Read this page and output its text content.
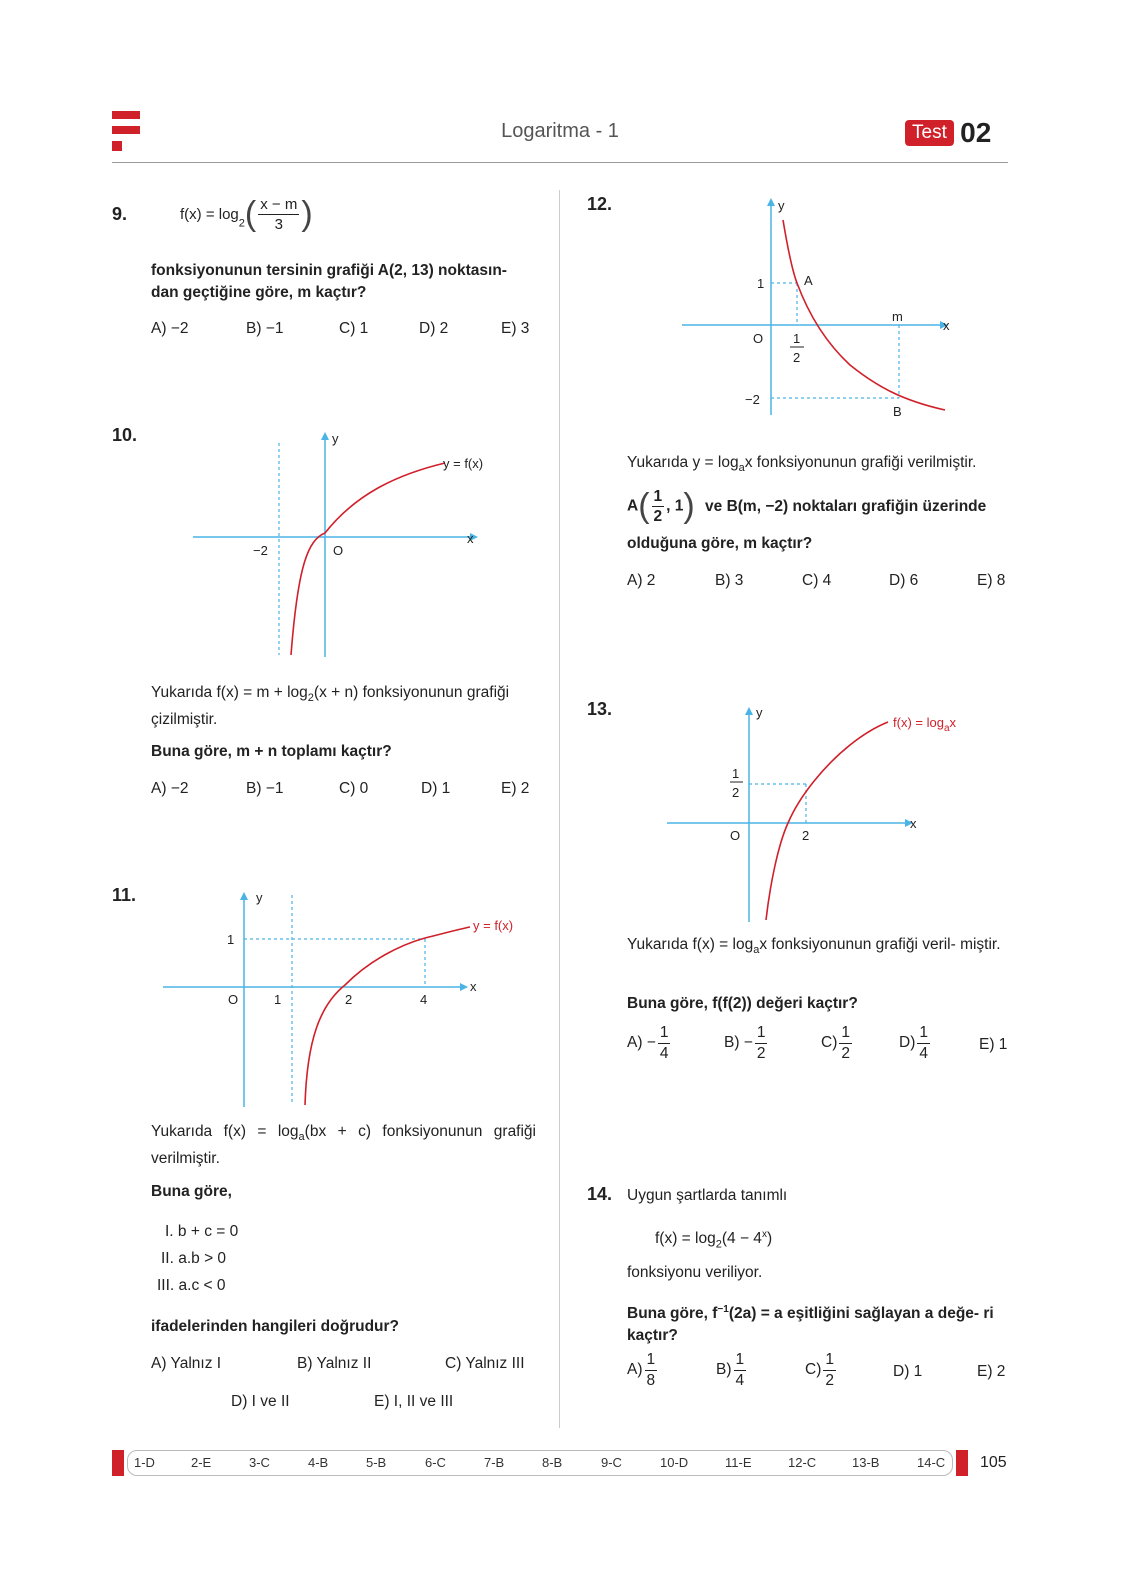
Logaritma - 1	Test 02
9.	$f(x) = \log_2( \frac{x - m}{3}$ )
fonksiyonunun tersinin grafiği A(2, 13) noktasın- dan geçtiğine göre, m kaçtır?
A) −2	B) −1	C) 1	D) 2	E) 3
10.	y
x
O
−2
y = f(x)
Yukarıda $f(x) = m + \log_2(x + n)$ fonksiyonunun grafiği çizilmiştir.
Buna göre, m + n toplamı kaçtır?
A) −2	B) −1	C) 0	D) 1	E) 2
11.	y
x
O
1
1	2	4
y = f(x)
Yukarıda $f(x) = \log_a(bx + c)$ fonksiyonunun grafiği verilmiştir.
Buna göre,
I. b + c = 0
II. a.b > 0
III. a.c < 0
ifadelerinden hangileri doğrudur?
A) Yalnız I	B) Yalnız II	C) Yalnız III
D) I ve II	E) I, II ve III
12.	y
x
O
1	A
m
1
2
−2
B
Yukarıda $y = \log_ax$ fonksiyonunun grafiği verilmiştir.
$A( \frac{1}{2}$ , 1) ve B(m, −2) noktaları grafiğin üzerinde
olduğuna göre, m kaçtır?
A) 2	B) 3	C) 4	D) 6	E) 8
13.	y
x
O
1
2
2
$f(x) = \log_ax$
Yukarıda $f(x) = \log_ax$ fonksiyonunun grafiği veril- miştir.
Buna göre, f(f(2)) değeri kaçtır?
$A) - \frac{1}{4}$	$B) - \frac{1}{2}$	$C) \frac{1}{2}$	$D) \frac{1}{4}$	E) 1
14. Uygun şartlarda tanımlı
$f(x) = \log_2(4 - 4^x)$
fonksiyonu veriliyor.
Buna göre, $f^{-1}(2a) = a$ eşitliğini sağlayan a değe- ri kaçtır?
$A) \frac{1}{8}$	$B) \frac{1}{4}$	$C) \frac{1}{2}$	D) 1	E) 2
1-D	2-E	3-C	4-B	5-B	6-C	7-B	8-B	9-C	10-D	11-E	12-C	13-B	14-C 105
